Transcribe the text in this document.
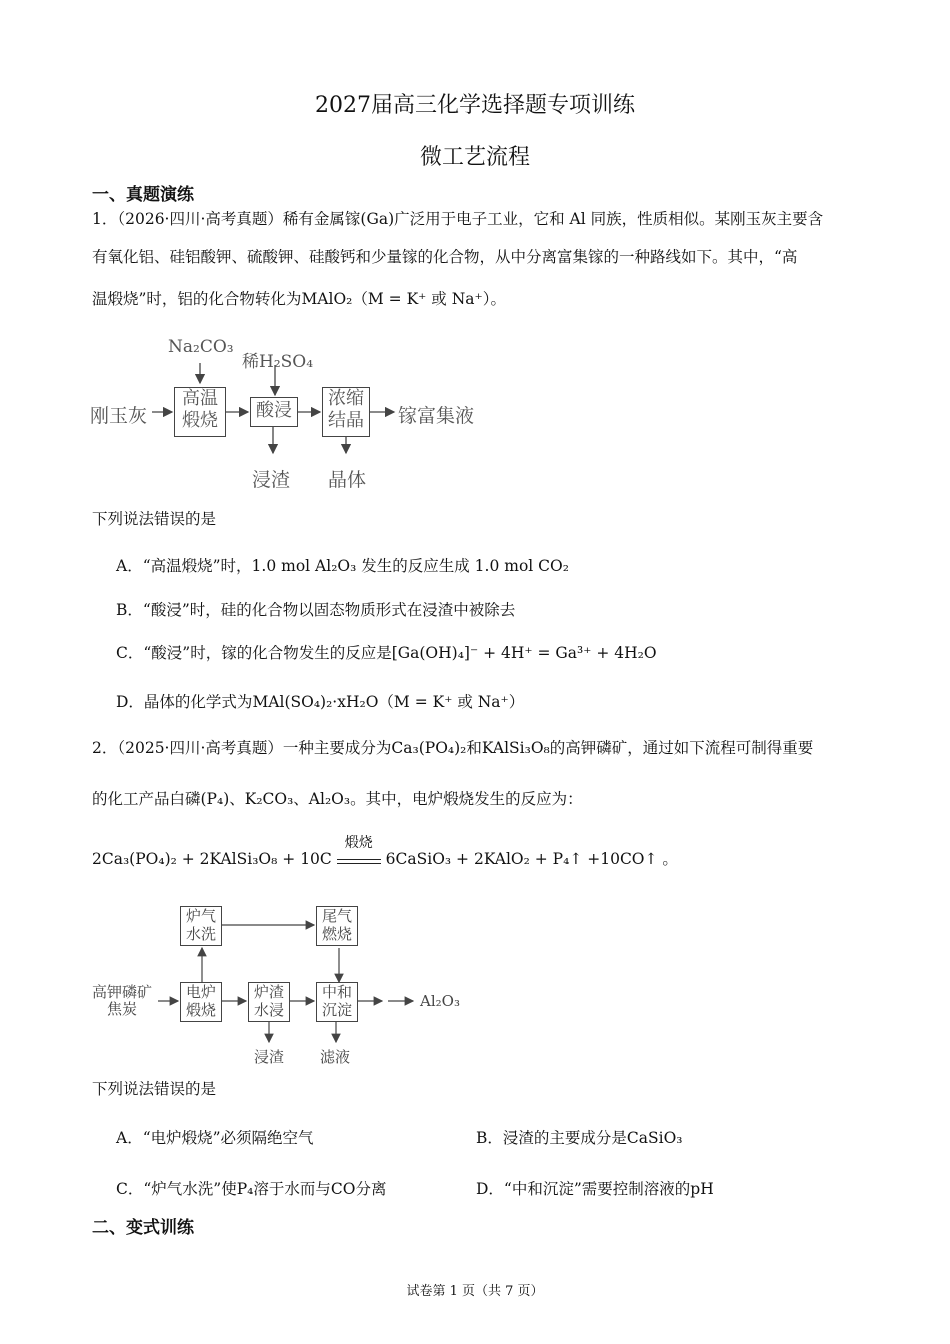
2027届高三化学选择题专项训练
微工艺流程
一、真题演练
1．（2026·四川·高考真题）稀有金属镓(Ga)广泛用于电子工业，它和 Al 同族，性质相似。某刚玉灰主要含
有氧化铝、硅铝酸钾、硫酸钾、硅酸钙和少量镓的化合物，从中分离富集镓的一种路线如下。其中，“高
温煅烧”时，铝的化合物转化为MAlO₂（M = K⁺ 或 Na⁺）。
Na₂CO₃
稀H₂SO₄
刚玉灰
高温
煅烧	酸浸
浓缩
结晶 镓富集液
浸渣 晶体
下列说法错误的是
A．“高温煅烧”时，1.0 mol Al₂O₃ 发生的反应生成 1.0 mol CO₂
B．“酸浸”时，硅的化合物以固态物质形式在浸渣中被除去
C．“酸浸”时，镓的化合物发生的反应是[Ga(OH)₄]⁻ + 4H⁺ = Ga³⁺ + 4H₂O
D．晶体的化学式为MAl(SO₄)₂·xH₂O（M = K⁺ 或 Na⁺）
2．（2025·四川·高考真题）一种主要成分为Ca₃(PO₄)₂和KAlSi₃O₈的高钾磷矿，通过如下流程可制得重要
的化工产品白磷(P₄)、K₂CO₃、Al₂O₃。其中，电炉煅烧发生的反应为：
2Ca₃(PO₄)₂ + 2KAlSi₃O₈ + 10C
煅烧
6CaSiO₃ + 2KAlO₂ + P₄↑ +10CO↑ 。
炉气
水洗
尾气
燃烧
高钾磷矿
焦炭
电炉
煅烧
炉渣
水浸
中和
沉淀	Al₂O₃
浸渣 滤液
下列说法错误的是
A．“电炉煅烧”必须隔绝空气	B．浸渣的主要成分是CaSiO₃
C．“炉气水洗”使P₄溶于水而与CO分离	D．“中和沉淀”需要控制溶液的pH
二、变式训练
试卷第 1 页（共 7 页）
